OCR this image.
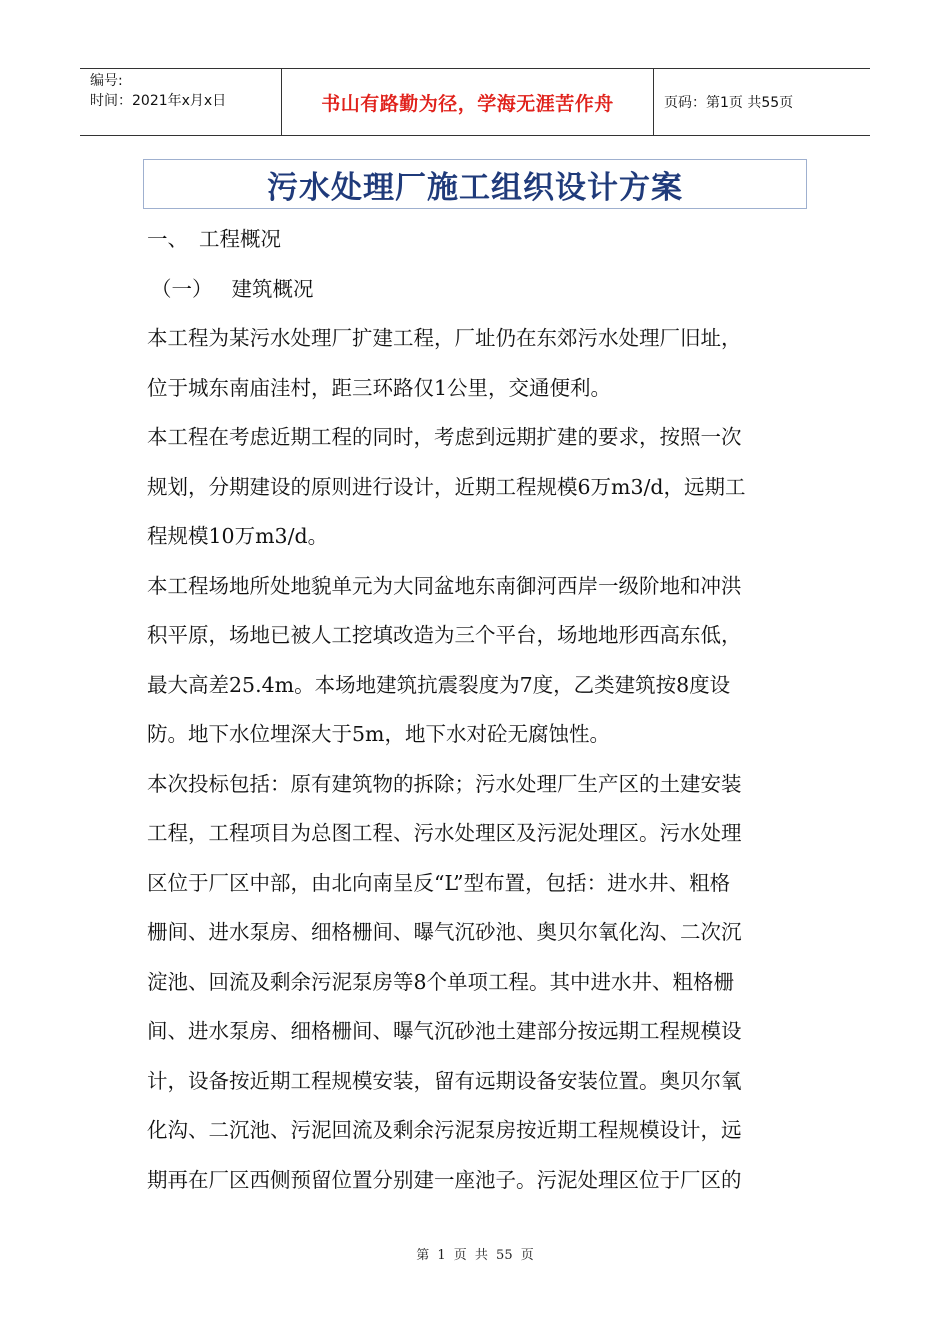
编号:
时间：2021年x月x日	书山有路勤为径，学海无涯苦作舟	页码：第1页 共55页
污水处理厂施工组织设计方案
一、 工程概况
（一） 建筑概况
本工程为某污水处理厂扩建工程，厂址仍在东郊污水处理厂旧址，
位于城东南庙洼村，距三环路仅1公里，交通便利。
本工程在考虑近期工程的同时，考虑到远期扩建的要求，按照一次
规划，分期建设的原则进行设计，近期工程规模6万m3/d，远期工
程规模10万m3/d。
本工程场地所处地貌单元为大同盆地东南御河西岸一级阶地和冲洪
积平原，场地已被人工挖填改造为三个平台，场地地形西高东低，
最大高差25.4m。本场地建筑抗震裂度为7度，乙类建筑按8度设
防。地下水位埋深大于5m，地下水对砼无腐蚀性。
本次投标包括：原有建筑物的拆除；污水处理厂生产区的土建安装
工程，工程项目为总图工程、污水处理区及污泥处理区。污水处理
区位于厂区中部，由北向南呈反“L”型布置，包括：进水井、粗格
栅间、进水泵房、细格栅间、曝气沉砂池、奥贝尔氧化沟、二次沉
淀池、回流及剩余污泥泵房等8个单项工程。其中进水井、粗格栅
间、进水泵房、细格栅间、曝气沉砂池土建部分按远期工程规模设
计，设备按近期工程规模安装，留有远期设备安装位置。奥贝尔氧
化沟、二沉池、污泥回流及剩余污泥泵房按近期工程规模设计，远
期再在厂区西侧预留位置分别建一座池子。污泥处理区位于厂区的
第 1 页 共 55 页
